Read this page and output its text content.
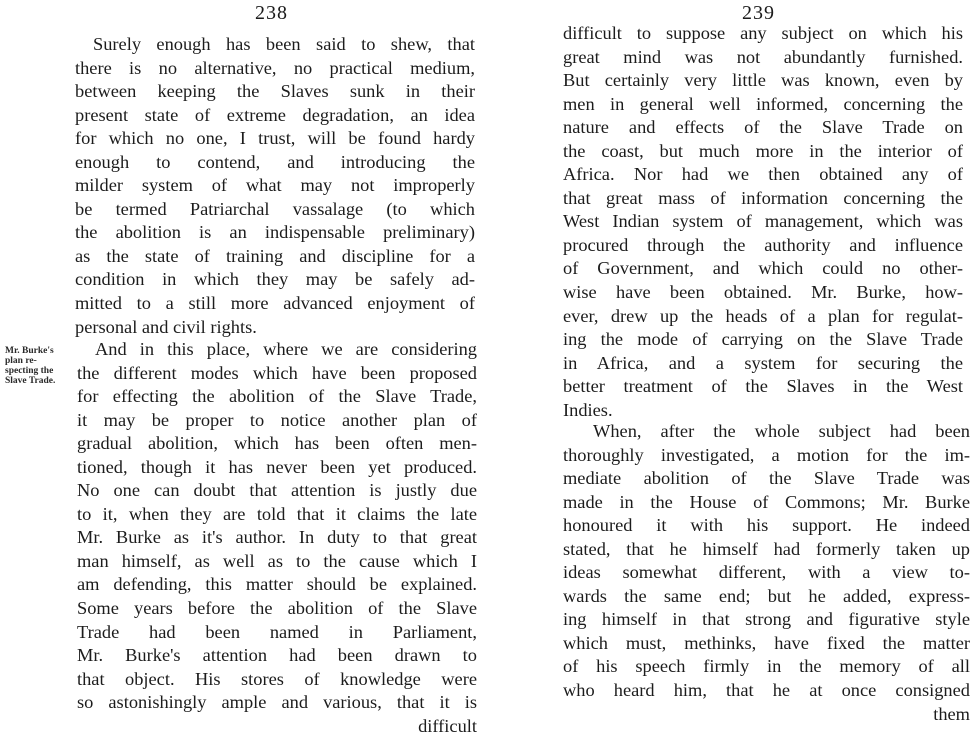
238
Surely enough has been said to shew, that
there is no alternative, no practical medium,
between keeping the Slaves sunk in their
present state of extreme degradation, an idea
for which no one, I trust, will be found hardy
enough to contend, and introducing the
milder system of what may not improperly
be termed Patriarchal vassalage (to which
the abolition is an indispensable preliminary)
as the state of training and discipline for a
condition in which they may be safely ad-
mitted to a still more advanced enjoyment of
personal and civil rights.
Mr. Burke's
plan re-
specting the
Slave Trade.
And in this place, where we are considering
the different modes which have been proposed
for effecting the abolition of the Slave Trade,
it may be proper to notice another plan of
gradual abolition, which has been often men-
tioned, though it has never been yet produced.
No one can doubt that attention is justly due
to it, when they are told that it claims the late
Mr. Burke as it's author. In duty to that great
man himself, as well as to the cause which I
am defending, this matter should be explained.
Some years before the abolition of the Slave
Trade had been named in Parliament,
Mr. Burke's attention had been drawn to
that object. His stores of knowledge were
so astonishingly ample and various, that it is
difficult
239
difficult to suppose any subject on which his
great mind was not abundantly furnished.
But certainly very little was known, even by
men in general well informed, concerning the
nature and effects of the Slave Trade on
the coast, but much more in the interior of
Africa. Nor had we then obtained any of
that great mass of information concerning the
West Indian system of management, which was
procured through the authority and influence
of Government, and which could no other-
wise have been obtained. Mr. Burke, how-
ever, drew up the heads of a plan for regulat-
ing the mode of carrying on the Slave Trade
in Africa, and a system for securing the
better treatment of the Slaves in the West
Indies.
When, after the whole subject had been
thoroughly investigated, a motion for the im-
mediate abolition of the Slave Trade was
made in the House of Commons; Mr. Burke
honoured it with his support. He indeed
stated, that he himself had formerly taken up
ideas somewhat different, with a view to-
wards the same end; but he added, express-
ing himself in that strong and figurative style
which must, methinks, have fixed the matter
of his speech firmly in the memory of all
who heard him, that he at once consigned
them
